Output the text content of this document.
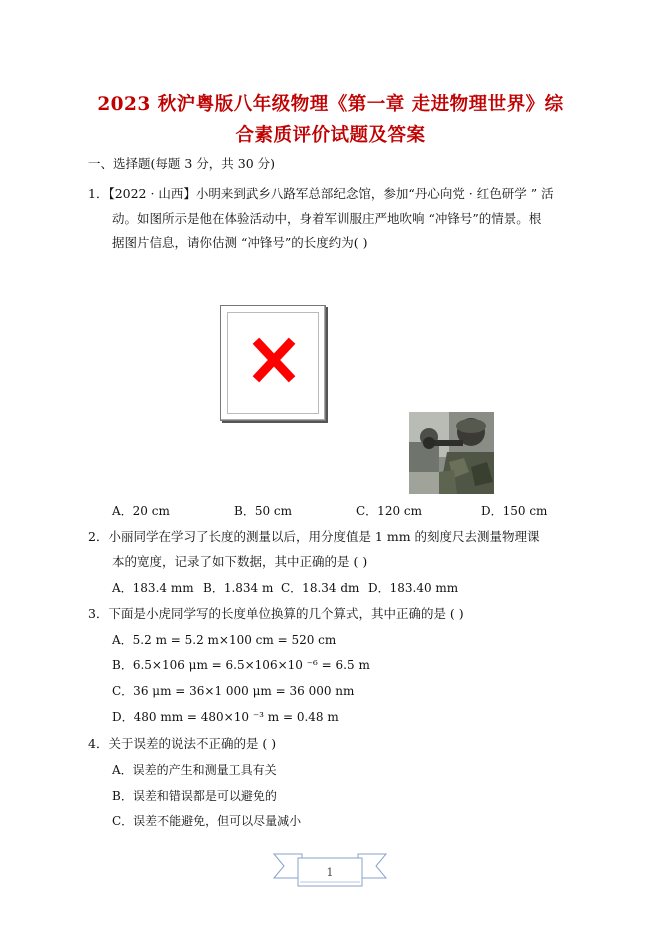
2023 秋沪粤版八年级物理《第一章 走进物理世界》综
合素质评价试题及答案
一、选择题(每题 3 分，共 30 分)
1．【2022 · 山西】小明来到武乡八路军总部纪念馆，参加“丹心向党 · 红色研学 ” 活
动。如图所示是他在体验活动中，身着军训服庄严地吹响 “冲锋号”的情景。根
据图片信息，请你估测 “冲锋号”的长度约为( )
A．20 cm	B．50 cm	C．120 cm	D．150 cm
2．小丽同学在学习了长度的测量以后，用分度值是 1 mm 的刻度尺去测量物理课
本的宽度，记录了如下数据，其中正确的是 ( )
A．183.4 mm B．1.834 m C．18.34 dm D．183.40 mm
3．下面是小虎同学写的长度单位换算的几个算式，其中正确的是 ( )
A．5.2 m = 5.2 m×100 cm = 520 cm
B．6.5×106 μm = 6.5×106×10 ⁻⁶ = 6.5 m
C．36 μm = 36×1 000 μm = 36 000 nm
D．480 mm = 480×10 ⁻³ m = 0.48 m
4．关于误差的说法不正确的是 ( )
A．误差的产生和测量工具有关
B．误差和错误都是可以避免的
C．误差不能避免，但可以尽量减小
1
